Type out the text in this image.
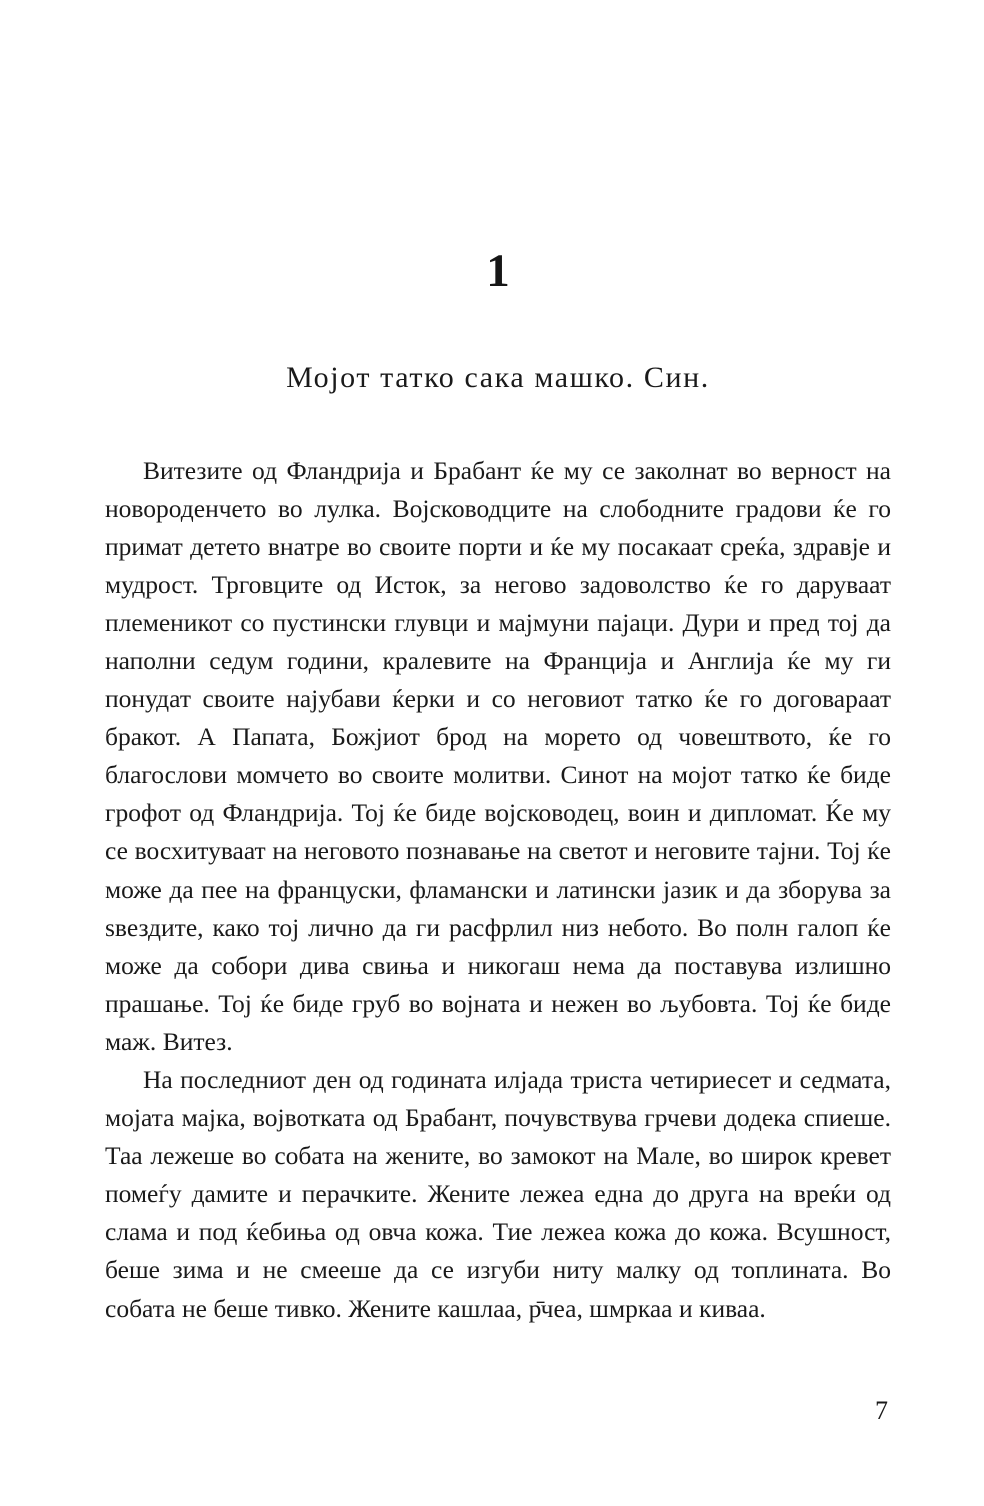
1
Мојот татко сака машко. Син.

Витезите од Фландрија и Брабант ќе му се заколнат во верност на новороденчето во лулка. Војсководците на слободните градови ќе го примат детето внатре во своите порти и ќе му посакаат среќа, здравје и мудрост. Трговците од Исток, за негово задоволство ќе го даруваат племеникот со пустински глувци и мајмуни пајаци. Дури и пред тој да наполни седум години, кралевите на Франција и Англија ќе му ги понудат своите најубави ќерки и со неговиот татко ќе го договараат бракот. А Папата, Божјиот брод на морето од човештвото, ќе го благослови момчето во своите молитви. Синот на мојот татко ќе биде грофот од Фландрија. Тој ќе биде војсководец, воин и дипломат. Ќе му се восхитуваат на неговото познавање на светот и неговите тајни. Тој ќе може да пее на француски, фламански и латински јазик и да зборува за ѕвездите, како тој лично да ги расфрлил низ небото. Во полн галоп ќе може да собори дива свиња и никогаш нема да поставува излишно прашање. Тој ќе биде груб во војната и нежен во љубовта. Тој ќе биде маж. Витез.

На последниот ден од годината илјада триста четириесет и седмата, мојата мајка, војвотката од Брабант, почувствува грчеви додека спиеше. Таа лежеше во собата на жените, во замокот на Мале, во широк кревет помеѓу дамите и перачките. Жените лежеа една до друга на вреќи од слама и под ќебиња од овча кожа. Тие лежеа кожа до кожа. Всушност, беше зима и не смееше да се изгуби ниту малку од топлината. Во собата не беше тивко. Жените кашлаа, р̄чеа, шмркаа и киваа.

7
